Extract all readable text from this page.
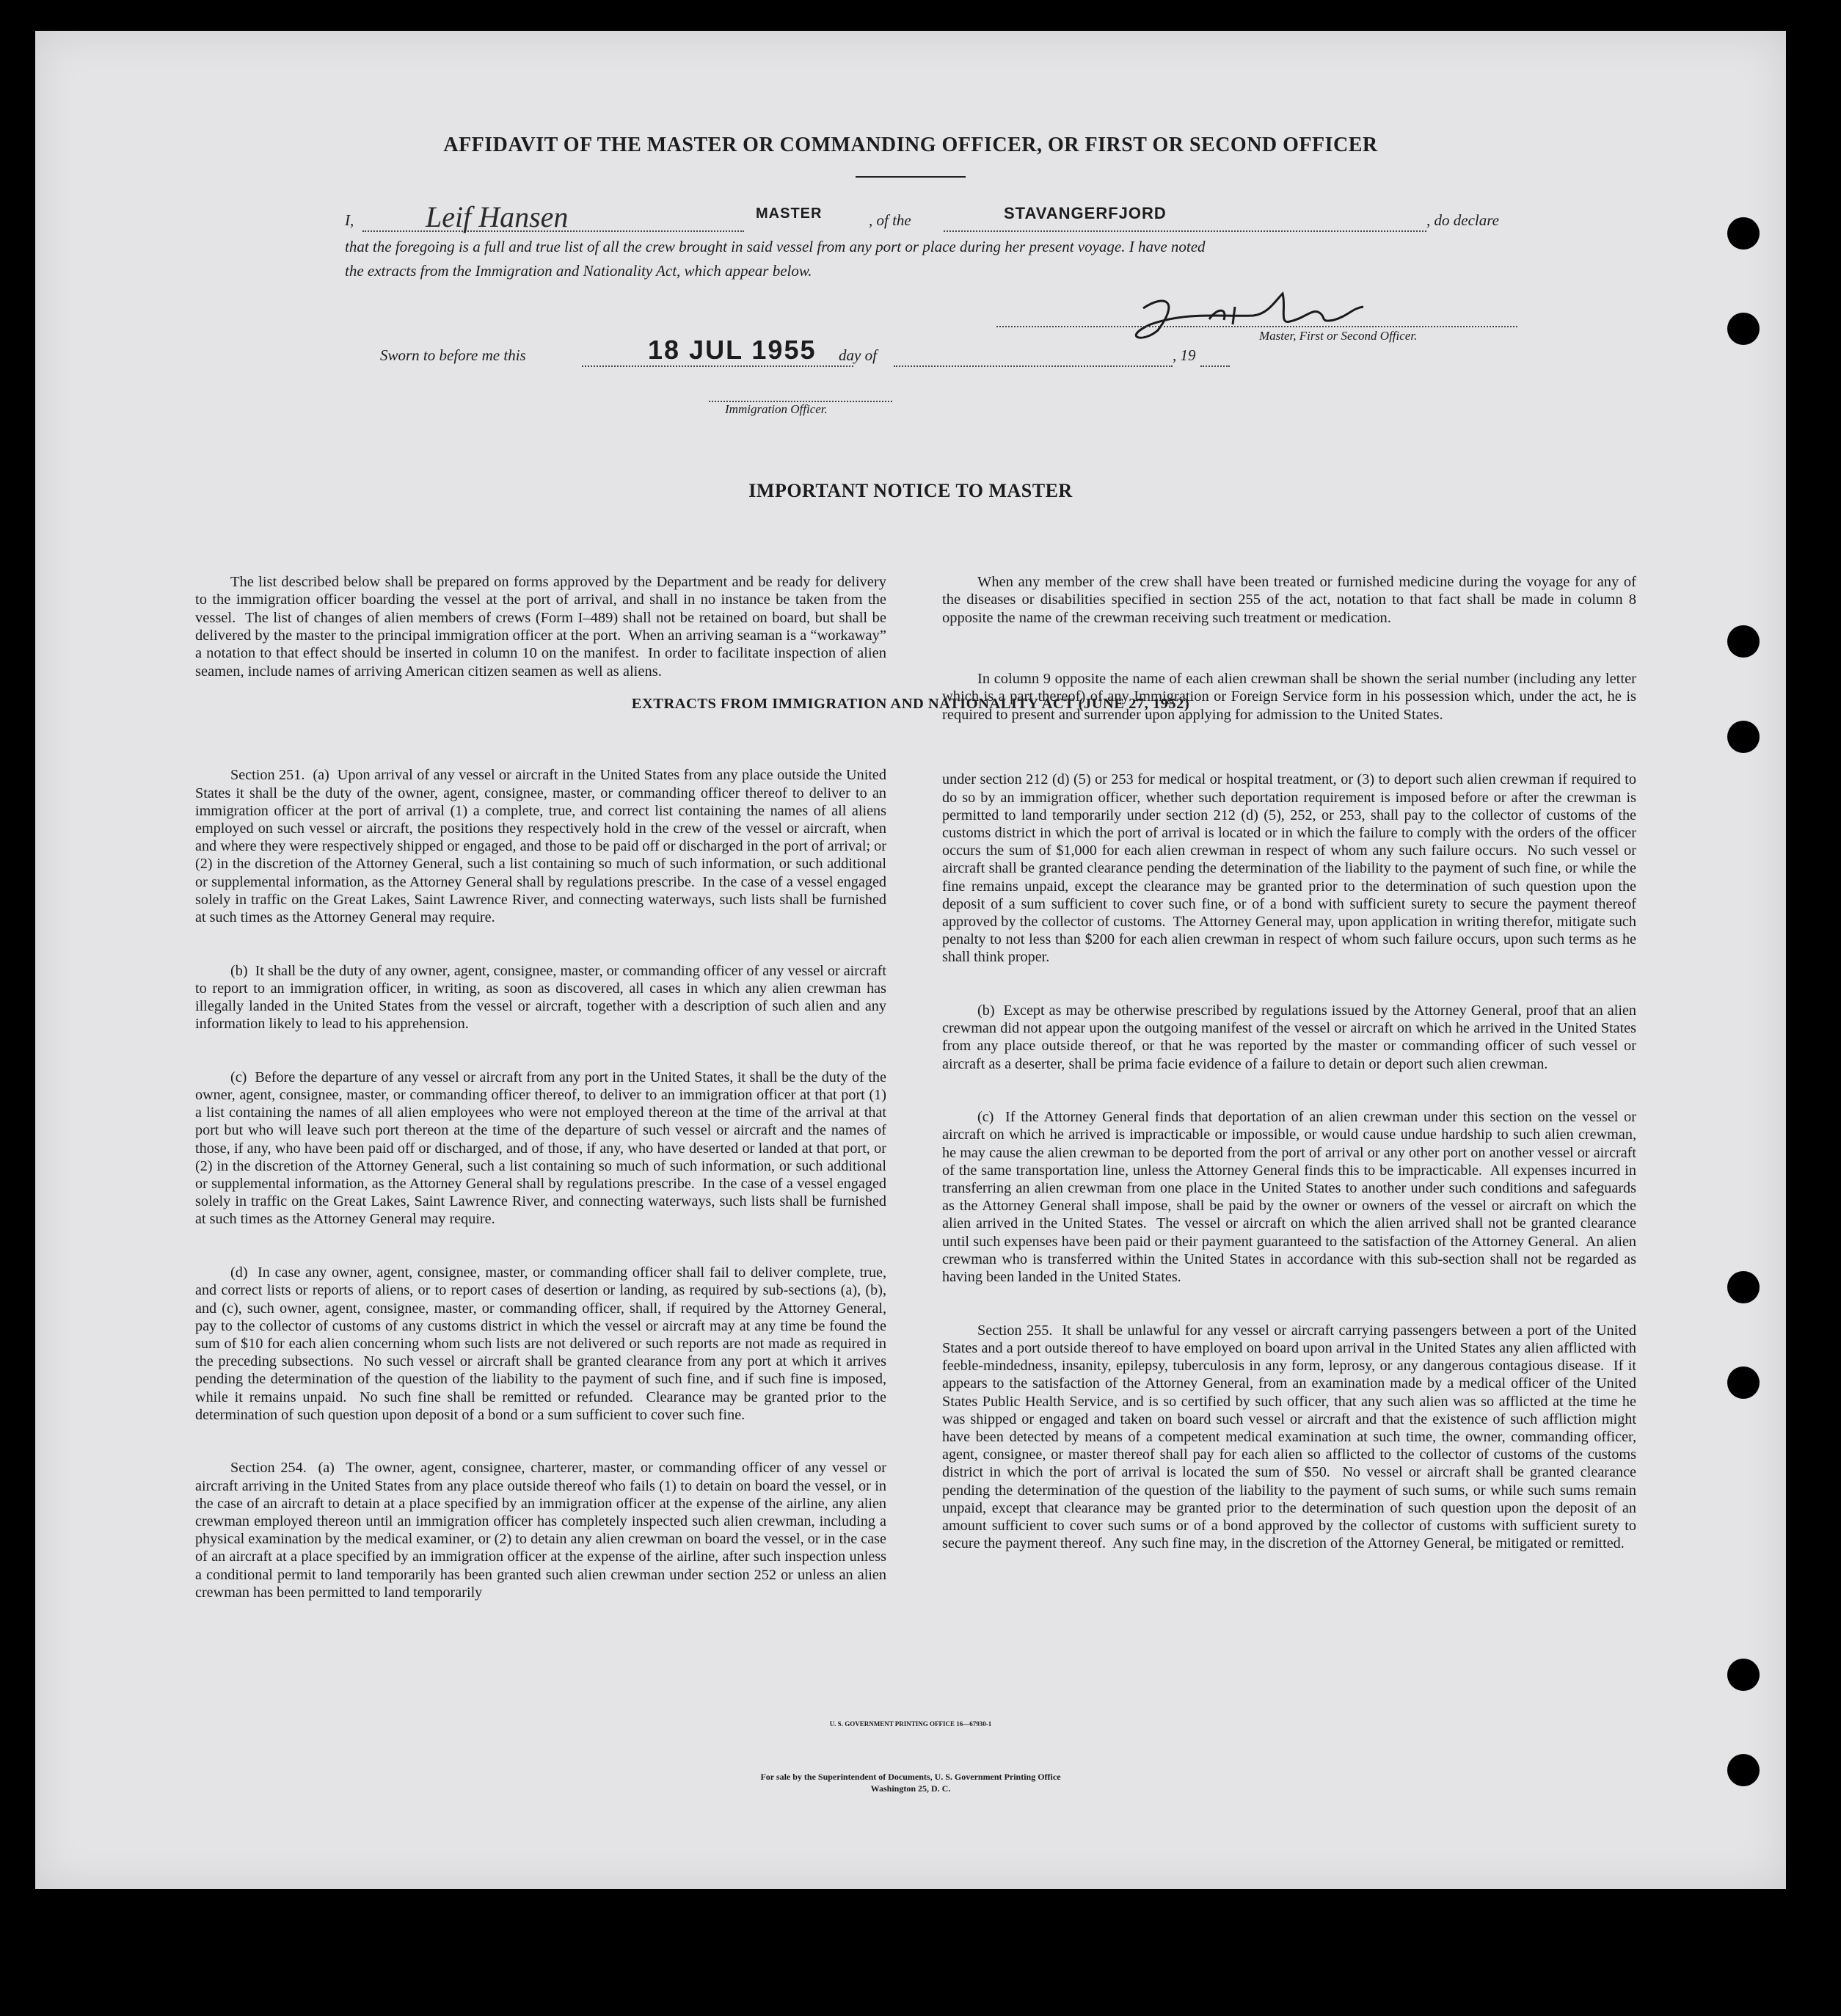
AFFIDAVIT OF THE MASTER OR COMMANDING OFFICER, OR FIRST OR SECOND OFFICER
I, Leif Hansen	MASTER	, of the	STAVANGERFJORD	, do declare
that the foregoing is a full and true list of all the crew brought in said vessel from any port or place during her present voyage. I have noted
the extracts from the Immigration and Nationality Act, which appear below.
Master, First or Second Officer.
Sworn to before me this	18 JUL 1955 day of	, 19
Immigration Officer.
IMPORTANT NOTICE TO MASTER

The list described below shall be prepared on forms approved by the Department and be ready for delivery to the immigration officer boarding the vessel at the port of arrival, and shall in no instance be taken from the vessel.  The list of changes of alien members of crews (Form I–489) shall not be retained on board, but shall be delivered by the master to the principal immigration officer at the port.  When an arriving seaman is a “workaway” a notation to that effect should be inserted in column 10 on the manifest.  In order to facilitate inspection of alien seamen, include names of arriving American citizen seamen as well as aliens.

When any member of the crew shall have been treated or furnished medicine during the voyage for any of the diseases or disabilities specified in section 255 of the act, notation to that fact shall be made in column 8 opposite the name of the crewman receiving such treatment or medication.

In column 9 opposite the name of each alien crewman shall be shown the serial number (including any letter which is a part thereof) of any Immigration or Foreign Service form in his possession which, under the act, he is required to present and surrender upon applying for admission to the United States.

EXTRACTS FROM IMMIGRATION AND NATIONALITY ACT (JUNE 27, 1952)

Section 251.  (a)  Upon arrival of any vessel or aircraft in the United States from any place outside the United States it shall be the duty of the owner, agent, consignee, master, or commanding officer thereof to deliver to an immigration officer at the port of arrival (1) a complete, true, and correct list containing the names of all aliens employed on such vessel or aircraft, the positions they respectively hold in the crew of the vessel or aircraft, when and where they were respectively shipped or engaged, and those to be paid off or discharged in the port of arrival; or (2) in the discretion of the Attorney General, such a list containing so much of such information, or such additional or supplemental information, as the Attorney General shall by regulations prescribe.  In the case of a vessel engaged solely in traffic on the Great Lakes, Saint Lawrence River, and connecting waterways, such lists shall be furnished at such times as the Attorney General may require.

(b)  It shall be the duty of any owner, agent, consignee, master, or commanding officer of any vessel or aircraft to report to an immigration officer, in writing, as soon as discovered, all cases in which any alien crewman has illegally landed in the United States from the vessel or aircraft, together with a description of such alien and any information likely to lead to his apprehension.

(c)  Before the departure of any vessel or aircraft from any port in the United States, it shall be the duty of the owner, agent, consignee, master, or commanding officer thereof, to deliver to an immigration officer at that port (1) a list containing the names of all alien employees who were not employed thereon at the time of the arrival at that port but who will leave such port thereon at the time of the departure of such vessel or aircraft and the names of those, if any, who have been paid off or discharged, and of those, if any, who have deserted or landed at that port, or (2) in the discretion of the Attorney General, such a list containing so much of such information, or such additional or supplemental information, as the Attorney General shall by regulations prescribe.  In the case of a vessel engaged solely in traffic on the Great Lakes, Saint Lawrence River, and connecting waterways, such lists shall be furnished at such times as the Attorney General may require.

(d)  In case any owner, agent, consignee, master, or commanding officer shall fail to deliver complete, true, and correct lists or reports of aliens, or to report cases of desertion or landing, as required by sub-sections (a), (b), and (c), such owner, agent, consignee, master, or commanding officer, shall, if required by the Attorney General, pay to the collector of customs of any customs district in which the vessel or aircraft may at any time be found the sum of $10 for each alien concerning whom such lists are not delivered or such reports are not made as required in the preceding subsections.  No such vessel or aircraft shall be granted clearance from any port at which it arrives pending the determination of the question of the liability to the payment of such fine, and if such fine is imposed, while it remains unpaid.  No such fine shall be remitted or refunded.  Clearance may be granted prior to the determination of such question upon deposit of a bond or a sum sufficient to cover such fine.

Section 254.  (a)  The owner, agent, consignee, charterer, master, or commanding officer of any vessel or aircraft arriving in the United States from any place outside thereof who fails (1) to detain on board the vessel, or in the case of an aircraft to detain at a place specified by an immigration officer at the expense of the airline, any alien crewman employed thereon until an immigration officer has completely inspected such alien crewman, including a physical examination by the medical examiner, or (2) to detain any alien crewman on board the vessel, or in the case of an aircraft at a place specified by an immigration officer at the expense of the airline, after such inspection unless a conditional permit to land temporarily has been granted such alien crewman under section 252 or unless an alien crewman has been permitted to land temporarily

under section 212 (d) (5) or 253 for medical or hospital treatment, or (3) to deport such alien crewman if required to do so by an immigration officer, whether such deportation requirement is imposed before or after the crewman is permitted to land temporarily under section 212 (d) (5), 252, or 253, shall pay to the collector of customs of the customs district in which the port of arrival is located or in which the failure to comply with the orders of the officer occurs the sum of $1,000 for each alien crewman in respect of whom any such failure occurs.  No such vessel or aircraft shall be granted clearance pending the determination of the liability to the payment of such fine, or while the fine remains unpaid, except the clearance may be granted prior to the determination of such question upon the deposit of a sum sufficient to cover such fine, or of a bond with sufficient surety to secure the payment thereof approved by the collector of customs.  The Attorney General may, upon application in writing therefor, mitigate such penalty to not less than $200 for each alien crewman in respect of whom such failure occurs, upon such terms as he shall think proper.

(b)  Except as may be otherwise prescribed by regulations issued by the Attorney General, proof that an alien crewman did not appear upon the outgoing manifest of the vessel or aircraft on which he arrived in the United States from any place outside thereof, or that he was reported by the master or commanding officer of such vessel or aircraft as a deserter, shall be prima facie evidence of a failure to detain or deport such alien crewman.

(c)  If the Attorney General finds that deportation of an alien crewman under this section on the vessel or aircraft on which he arrived is impracticable or impossible, or would cause undue hardship to such alien crewman, he may cause the alien crewman to be deported from the port of arrival or any other port on another vessel or aircraft of the same transportation line, unless the Attorney General finds this to be impracticable.  All expenses incurred in transferring an alien crewman from one place in the United States to another under such conditions and safeguards as the Attorney General shall impose, shall be paid by the owner or owners of the vessel or aircraft on which the alien arrived in the United States.  The vessel or aircraft on which the alien arrived shall not be granted clearance until such expenses have been paid or their payment guaranteed to the satisfaction of the Attorney General.  An alien crewman who is transferred within the United States in accordance with this sub-section shall not be regarded as having been landed in the United States.

Section 255.  It shall be unlawful for any vessel or aircraft carrying passengers between a port of the United States and a port outside thereof to have employed on board upon arrival in the United States any alien afflicted with feeble-mindedness, insanity, epilepsy, tuberculosis in any form, leprosy, or any dangerous contagious disease.  If it appears to the satisfaction of the Attorney General, from an examination made by a medical officer of the United States Public Health Service, and is so certified by such officer, that any such alien was so afflicted at the time he was shipped or engaged and taken on board such vessel or aircraft and that the existence of such affliction might have been detected by means of a competent medical examination at such time, the owner, commanding officer, agent, consignee, or master thereof shall pay for each alien so afflicted to the collector of customs of the customs district in which the port of arrival is located the sum of $50.  No vessel or aircraft shall be granted clearance pending the determination of the question of the liability to the payment of such sums, or while such sums remain unpaid, except that clearance may be granted prior to the determination of such question upon the deposit of an amount sufficient to cover such sums or of a bond approved by the collector of customs with sufficient surety to secure the payment thereof.  Any such fine may, in the discretion of the Attorney General, be mitigated or remitted.

U. S. GOVERNMENT PRINTING OFFICE 16—67930-1
For sale by the Superintendent of Documents, U. S. Government Printing Office
Washington 25, D. C.
